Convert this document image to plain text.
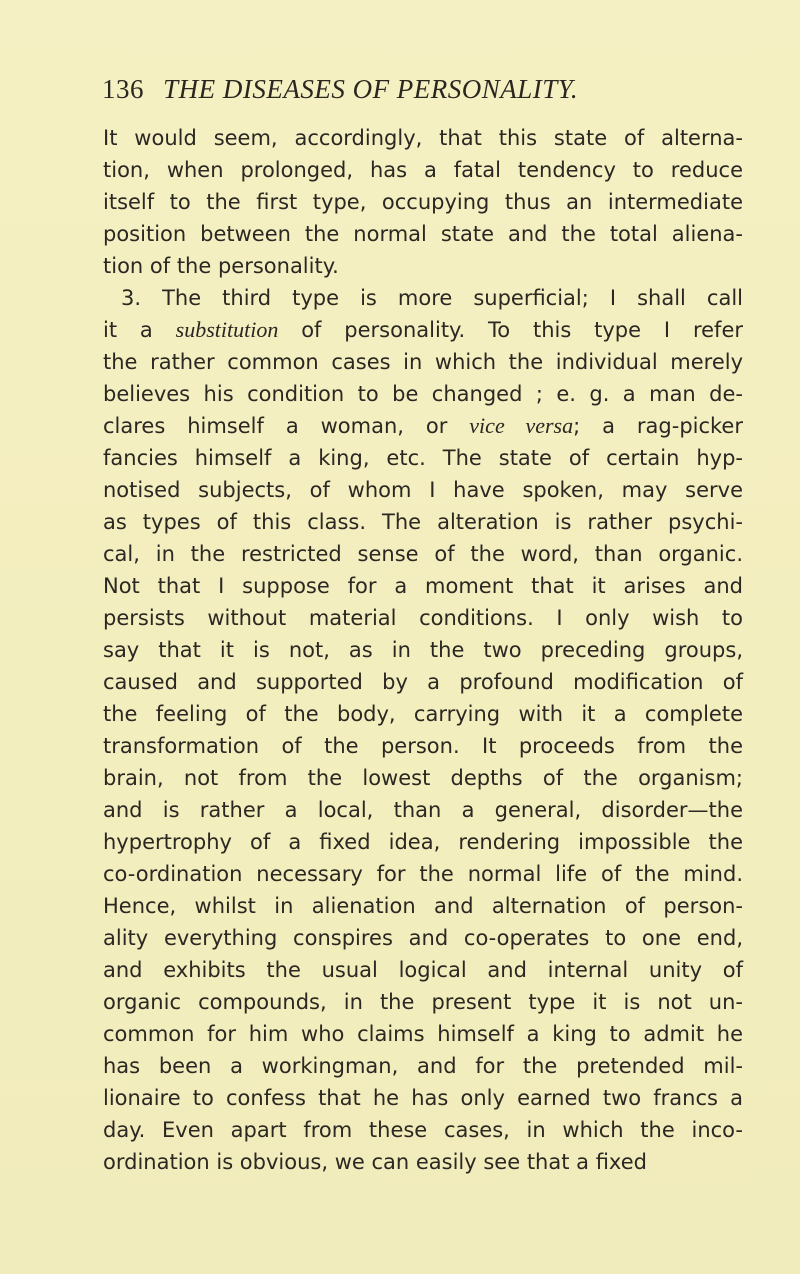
136 THE DISEASES OF PERSONALITY.
It would seem, accordingly, that this state of alterna-
tion, when prolonged, has a fatal tendency to reduce
itself to the first type, occupying thus an intermediate
position between the normal state and the total aliena-
tion of the personality.
3. The third type is more superficial; I shall call
it a substitution of personality. To this type I refer
the rather common cases in which the individual merely
believes his condition to be changed ; e. g. a man de-
clares himself a woman, or vice versa; a rag-picker
fancies himself a king, etc. The state of certain hyp-
notised subjects, of whom I have spoken, may serve
as types of this class. The alteration is rather psychi-
cal, in the restricted sense of the word, than organic.
Not that I suppose for a moment that it arises and
persists without material conditions. I only wish to
say that it is not, as in the two preceding groups,
caused and supported by a profound modification of
the feeling of the body, carrying with it a complete
transformation of the person. It proceeds from the
brain, not from the lowest depths of the organism;
and is rather a local, than a general, disorder—the
hypertrophy of a fixed idea, rendering impossible the
co-ordination necessary for the normal life of the mind.
Hence, whilst in alienation and alternation of person-
ality everything conspires and co-operates to one end,
and exhibits the usual logical and internal unity of
organic compounds, in the present type it is not un-
common for him who claims himself a king to admit he
has been a workingman, and for the pretended mil-
lionaire to confess that he has only earned two francs a
day. Even apart from these cases, in which the inco-
ordination is obvious, we can easily see that a fixed
